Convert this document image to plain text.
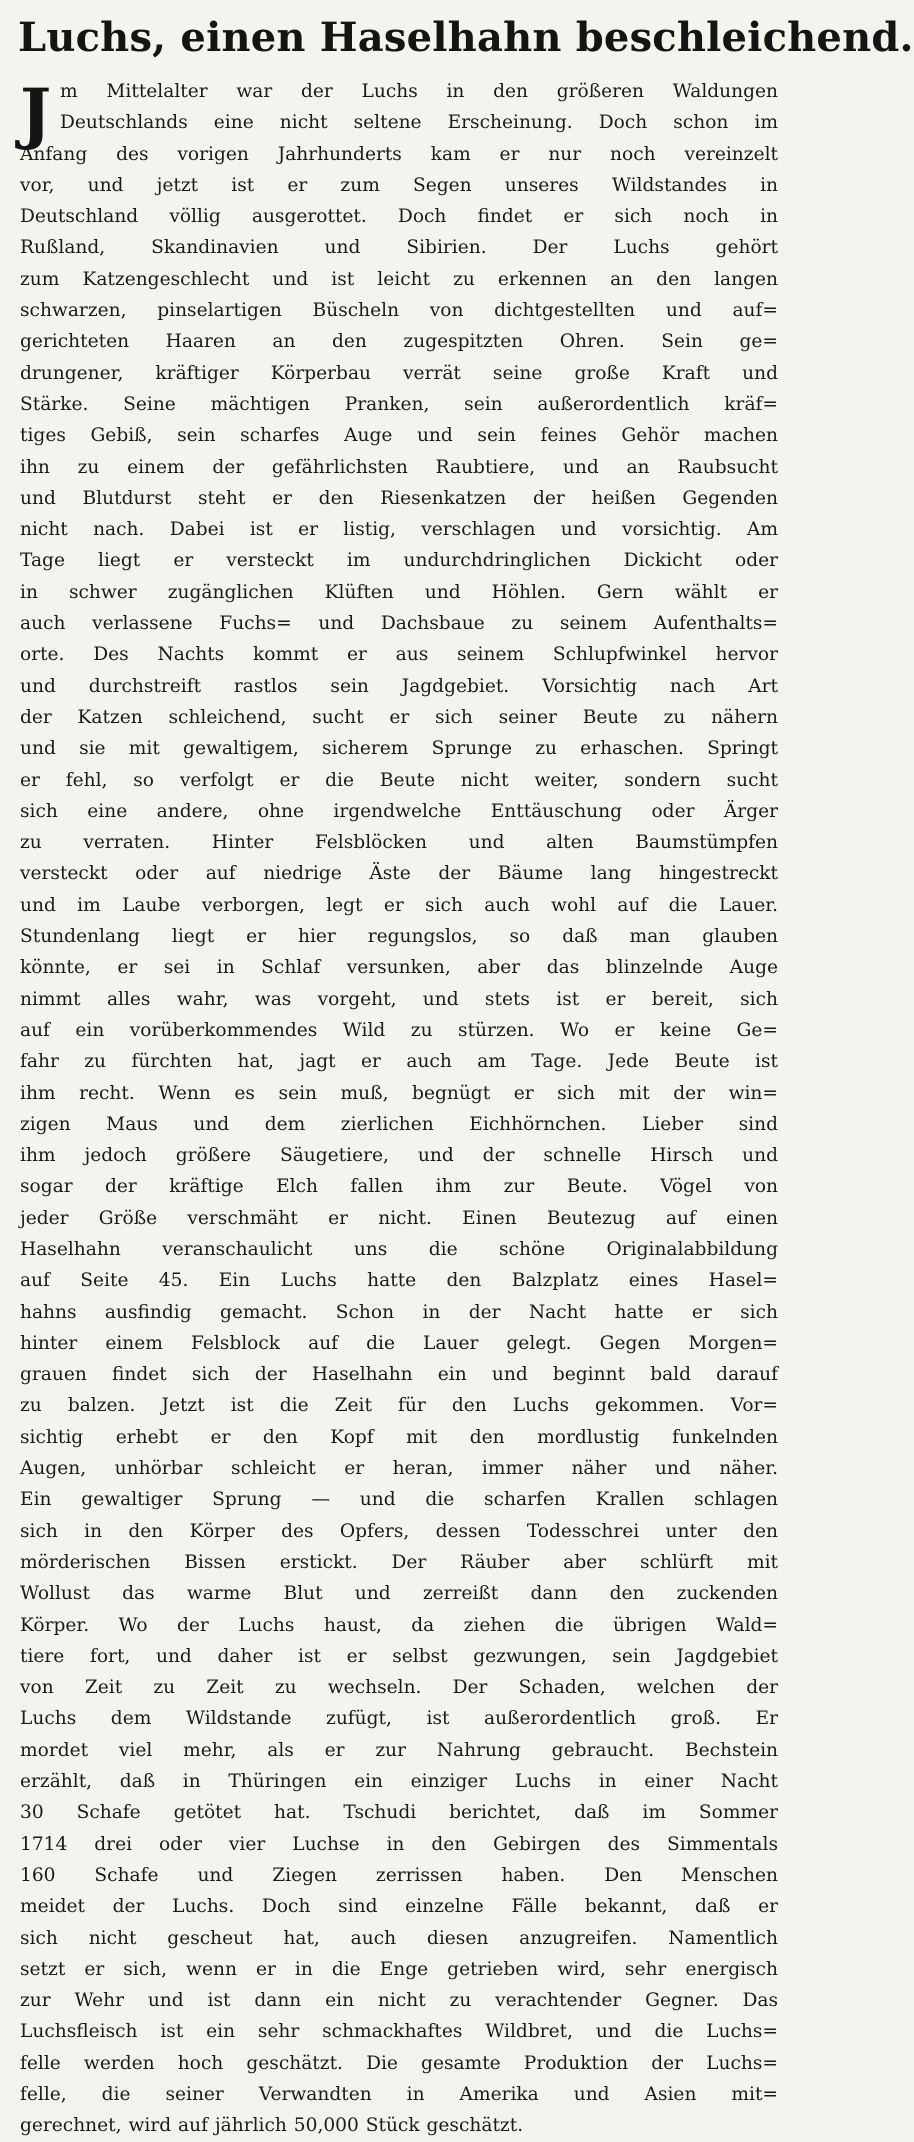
Luchs, einen Haselhahn beschleichend.
J m Mittelalter war der Luchs in den größeren Waldungen
Deutschlands eine nicht seltene Erscheinung. Doch schon im
Anfang des vorigen Jahrhunderts kam er nur noch vereinzelt
vor, und jetzt ist er zum Segen unseres Wildstandes in
Deutschland völlig ausgerottet. Doch findet er sich noch in
Rußland, Skandinavien und Sibirien. Der Luchs gehört
zum Katzengeschlecht und ist leicht zu erkennen an den langen
schwarzen, pinselartigen Büscheln von dichtgestellten und auf=
gerichteten Haaren an den zugespitzten Ohren. Sein ge=
drungener, kräftiger Körperbau verrät seine große Kraft und
Stärke. Seine mächtigen Pranken, sein außerordentlich kräf=
tiges Gebiß, sein scharfes Auge und sein feines Gehör machen
ihn zu einem der gefährlichsten Raubtiere, und an Raubsucht
und Blutdurst steht er den Riesenkatzen der heißen Gegenden
nicht nach. Dabei ist er listig, verschlagen und vorsichtig. Am
Tage liegt er versteckt im undurchdringlichen Dickicht oder
in schwer zugänglichen Klüften und Höhlen. Gern wählt er
auch verlassene Fuchs= und Dachsbaue zu seinem Aufenthalts=
orte. Des Nachts kommt er aus seinem Schlupfwinkel hervor
und durchstreift rastlos sein Jagdgebiet. Vorsichtig nach Art
der Katzen schleichend, sucht er sich seiner Beute zu nähern
und sie mit gewaltigem, sicherem Sprunge zu erhaschen. Springt
er fehl, so verfolgt er die Beute nicht weiter, sondern sucht
sich eine andere, ohne irgendwelche Enttäuschung oder Ärger
zu verraten. Hinter Felsblöcken und alten Baumstümpfen
versteckt oder auf niedrige Äste der Bäume lang hingestreckt
und im Laube verborgen, legt er sich auch wohl auf die Lauer.
Stundenlang liegt er hier regungslos, so daß man glauben
könnte, er sei in Schlaf versunken, aber das blinzelnde Auge
nimmt alles wahr, was vorgeht, und stets ist er bereit, sich
auf ein vorüberkommendes Wild zu stürzen. Wo er keine Ge=
fahr zu fürchten hat, jagt er auch am Tage. Jede Beute ist
ihm recht. Wenn es sein muß, begnügt er sich mit der win=
zigen Maus und dem zierlichen Eichhörnchen. Lieber sind
ihm jedoch größere Säugetiere, und der schnelle Hirsch und
sogar der kräftige Elch fallen ihm zur Beute. Vögel von
jeder Größe verschmäht er nicht. Einen Beutezug auf einen
Haselhahn veranschaulicht uns die schöne Originalabbildung
auf Seite 45. Ein Luchs hatte den Balzplatz eines Hasel=
hahns ausfindig gemacht. Schon in der Nacht hatte er sich
hinter einem Felsblock auf die Lauer gelegt. Gegen Morgen=
grauen findet sich der Haselhahn ein und beginnt bald darauf
zu balzen. Jetzt ist die Zeit für den Luchs gekommen. Vor=
sichtig erhebt er den Kopf mit den mordlustig funkelnden
Augen, unhörbar schleicht er heran, immer näher und näher.
Ein gewaltiger Sprung — und die scharfen Krallen schlagen
sich in den Körper des Opfers, dessen Todesschrei unter den
mörderischen Bissen erstickt. Der Räuber aber schlürft mit
Wollust das warme Blut und zerreißt dann den zuckenden
Körper. Wo der Luchs haust, da ziehen die übrigen Wald=
tiere fort, und daher ist er selbst gezwungen, sein Jagdgebiet
von Zeit zu Zeit zu wechseln. Der Schaden, welchen der
Luchs dem Wildstande zufügt, ist außerordentlich groß. Er
mordet viel mehr, als er zur Nahrung gebraucht. Bechstein
erzählt, daß in Thüringen ein einziger Luchs in einer Nacht
30 Schafe getötet hat. Tschudi berichtet, daß im Sommer
1714 drei oder vier Luchse in den Gebirgen des Simmentals
160 Schafe und Ziegen zerrissen haben. Den Menschen
meidet der Luchs. Doch sind einzelne Fälle bekannt, daß er
sich nicht gescheut hat, auch diesen anzugreifen. Namentlich
setzt er sich, wenn er in die Enge getrieben wird, sehr energisch
zur Wehr und ist dann ein nicht zu verachtender Gegner. Das
Luchsfleisch ist ein sehr schmackhaftes Wildbret, und die Luchs=
felle werden hoch geschätzt. Die gesamte Produktion der Luchs=
felle, die seiner Verwandten in Amerika und Asien mit=
gerechnet, wird auf jährlich 50,000 Stück geschätzt.
